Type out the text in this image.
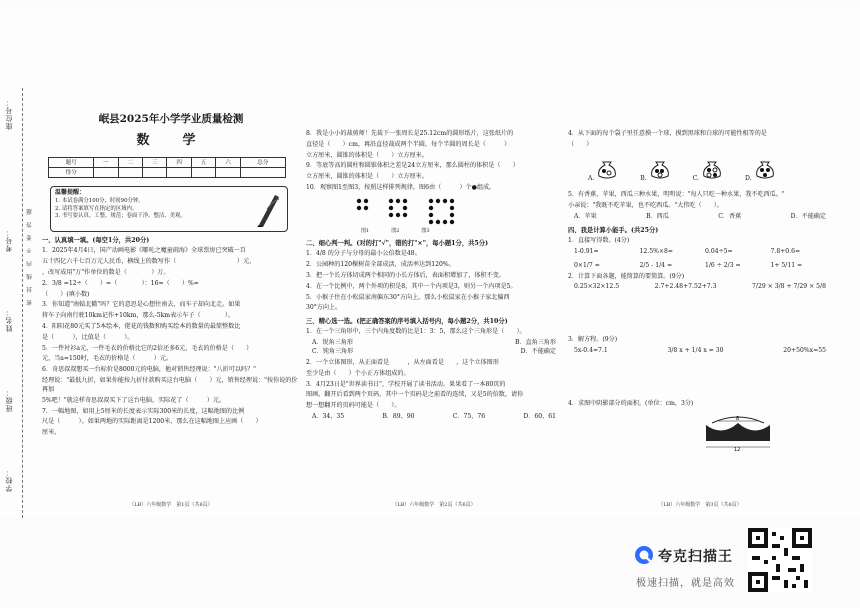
学校：
班级：
姓名：
考号：
座位号：
密　封　线　内　不　要　答　题
岷县2025年小学学业质量检测
数　学
题号	一	二	三	四	五	六	总分
得分							
温馨提醒：
1. 本试卷满分100分，时间90分钟。
2. 请将答案填写在指定的区域内。
3. 书写要认真、工整、规范；卷面干净、整洁、美观。
一、认真填一填。(每空1分，共20分)

1．2025年4月4日，国产动画电影《哪吒之魔童闹海》全球票房已突破一百

五十四亿六千七百万元人民币，横线上的数写作（　　　　　　　　　　）元，

，改写成用"万"作单位的数是（　　　　）万。

2．3/8 =12÷（　　）=（　　　　）：16=（　　）%=

（　　）(填小数)

3．你知道"南辕北辙"吗？它的意思是心想往南去，而车子却向北走。如果

将车子向南行驶10km记作+10km，那么-5km表示车子（　　　　）。

4．阳阳花80元买了5本绘本，佬花的钱数和购买绘本的数量的最简整数比

是（　　　），比值是（　　　）。

5．一件衬衫a元，一件毛衣的价格比它的2倍还多6元，毛衣的价格是（　　）

元，当a=150时，毛衣的价格是（　　　）元。

6．奇思叔叔想买一台标价是8000元的电脑，他对销售经理说："八折可以吗？"

经理说："最低九折，如果你能按九折付款购买这台电脑（　　）元，销售经理说："按你说的价再加

5%吧！"就这样奇思叔叔买下了这台电脑，实际花了（　　　）元。

7．一幅地图，如用上5厘米的长度表示实际300米的长度，这幅地图的比例

尺是（　　　）。如果两地的实际距离是1200米，那么在这幅地图上应画（　　）

厘米。

（LB）六年级数学　第1页（共6页）

8．我是小小的裁剪师！先裁下一张周长是25.12cm的圆形纸片，这张纸片的

直径是（　　）cm，再沿直径裁成两个半圆，每个半圆的周长是（　　　）

立方厘米，圆锥的体积是（　　）立方厘米。

9．等底等高的圆柱和圆锥体积之差是24立方厘米，那么圆柱的体积是（　　）

立方厘米，圆锥的体积是（　　）立方厘米。

10．观察图1至图3，按照这样排列规律，图6由（　　　）个●组成。

图1	图2	图3
二、细心判一判。(对的打"√"，错的打"×"，每小题1分，共5分)

1．4/8 的分子与分母的最小公倍数是48。

2．公园种的120棵树苗全部成活，成活率达到120%。

3．把一个长方体切成两个相同的小长方体后，表面积增加了，体积不变。

4．在一个比例中，两个外项的积是8，其中一个内项是3，则另一个内项是5。

5．小猴子住在小松鼠家南偏东30°方向上，那么小松鼠家在小猴子家北偏西

30°方向上。

三、精心选一选。(把正确答案的序号填入括号内，每小题2分，共10分)

1．在一个三角形中，三个内角度数的比是1：3：5，那么这个三角形是（　　）。

A．锐角三角形	B．直角三角形
C．钝角三角形	D．不能确定

2．一个立体图形，从正面看是　　　，从左面看是　　，这个立体图形

至少是由（　　）个小正方体组成的。

3．4月23日是"世界读书日"，学校开展了读书活动。果果看了一本80页的

图画，翻开后看到两个页码，其中一个页码是之前看的连续，又是5的倍数，请你

想一想翻开的页码可能是（　　）。

A．34、35	B．89、90	C．75、76	D．60、61
（LB）六年级数学　第2页（共6页）

4．从下面的每个袋子里任意摸一个球，摸到黑球和白球的可能性相等的是

（　　）

A.	B.	C.	D.

5．有香蕉，苹果，西瓜三种水果，明明说："每人只吃一种水果，我不吃西瓜。"

小亲说："我既不吃苹果，也不吃西瓜。"大伟吃（　　）。

A．苹果	B．西瓜	C．香蕉	D．不能确定
四、我是计算小能手。(共25分)

1．直接写得数。(4分)

1-0.91=	12.5%×8=	0.04÷5=	7.8+0.6=
0×1/7 =	2/5 - 1/4 =	1/6 ÷ 2/3 =	1+ 5/11 =

2．计算下面各题，能简算的要简算。(9分)

0.25×32×12.5	2.7+2.48+7.52+7.3	7/29 × 3/8 + 7/29 × 5/8

3．解方程。(9分)

5x-0.4=7.1	3/8 x + 1/4 x = 30	20+50%x=55

4．求图中阴影部分的面积。(单位：cm，3分)

8
12
（LB）六年级数学　第3页（共6页）
夸克扫描王
极速扫描，就是高效
